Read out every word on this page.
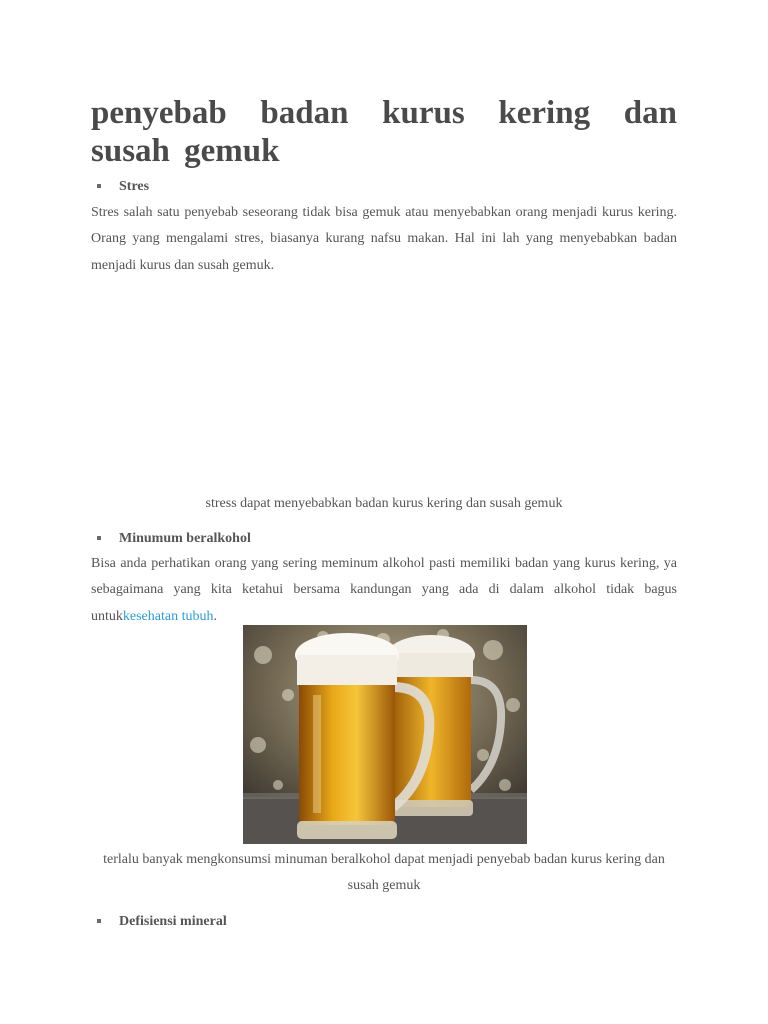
penyebab badan kurus kering dan susah gemuk
Stres

Stres salah satu penyebab seseorang tidak bisa gemuk atau menyebabkan orang menjadi kurus kering. Orang yang mengalami stres, biasanya kurang nafsu makan. Hal ini lah yang menyebabkan badan menjadi kurus dan susah gemuk.

stress dapat menyebabkan badan kurus kering dan susah gemuk

Minumum beralkohol

Bisa anda perhatikan orang yang sering meminum alkohol pasti memiliki badan yang kurus kering, ya sebagaimana yang kita ketahui bersama kandungan yang ada di dalam alkohol tidak bagus untukkesehatan tubuh.

terlalu banyak mengkonsumsi minuman beralkohol dapat menjadi penyebab badan kurus kering dan susah gemuk

Defisiensi mineral
